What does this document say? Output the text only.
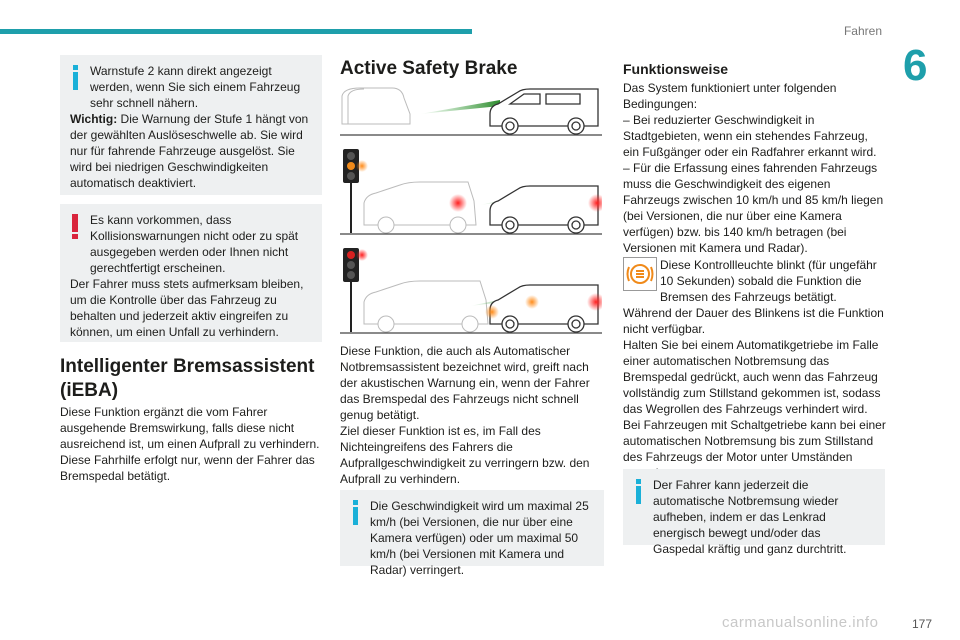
Fahren
6

Warnstufe 2 kann direkt angezeigt werden, wenn Sie sich einem Fahrzeug sehr schnell nähern.

Wichtig: Die Warnung der Stufe 1 hängt von der gewählten Auslöseschwelle ab. Sie wird nur für fahrende Fahrzeuge ausgelöst. Sie wird bei niedrigen Geschwindigkeiten automatisch deaktiviert.

Es kann vorkommen, dass Kollisionswarnungen nicht oder zu spät ausgegeben werden oder Ihnen nicht gerechtfertigt erscheinen.

Der Fahrer muss stets aufmerksam bleiben, um die Kontrolle über das Fahrzeug zu behalten und jederzeit aktiv eingreifen zu können, um einen Unfall zu verhindern.

Intelligenter Bremsassistent (iEBA)

Diese Funktion ergänzt die vom Fahrer ausgehende Bremswirkung, falls diese nicht ausreichend ist, um einen Aufprall zu verhindern.

Diese Fahrhilfe erfolgt nur, wenn der Fahrer das Bremspedal betätigt.

Active Safety Brake

Diese Funktion, die auch als Automatischer Notbremsassistent bezeichnet wird, greift nach der akustischen Warnung ein, wenn der Fahrer das Bremspedal des Fahrzeugs nicht schnell genug betätigt.

Ziel dieser Funktion ist es, im Fall des Nichteingreifens des Fahrers die Aufprallgeschwindigkeit zu verringern bzw. den Aufprall zu verhindern.

Die Geschwindigkeit wird um maximal 25 km/h (bei Versionen, die nur über eine Kamera verfügen) oder um maximal 50 km/h (bei Versionen mit Kamera und Radar) verringert.

Funktionsweise

Das System funktioniert unter folgenden Bedingungen:

– Bei reduzierter Geschwindigkeit in Stadtgebieten, wenn ein stehendes Fahrzeug, ein Fußgänger oder ein Radfahrer erkannt wird.

– Für die Erfassung eines fahrenden Fahrzeugs muss die Geschwindigkeit des eigenen Fahrzeugs zwischen 10 km/h und 85 km/h liegen (bei Versionen, die nur über eine Kamera verfügen) bzw. bis 140 km/h betragen (bei Versionen mit Kamera und Radar).

Diese Kontrollleuchte blinkt (für ungefähr 10 Sekunden) sobald die Funktion die Bremsen des Fahrzeugs betätigt.

Während der Dauer des Blinkens ist die Funktion nicht verfügbar.

Halten Sie bei einem Automatikgetriebe im Falle einer automatischen Notbremsung das Bremspedal gedrückt, auch wenn das Fahrzeug vollständig zum Stillstand gekommen ist, sodass das Wegrollen des Fahrzeugs verhindert wird.

Bei Fahrzeugen mit Schaltgetriebe kann bei einer automatischen Notbremsung bis zum Stillstand des Fahrzeugs der Motor unter Umständen

Der Fahrer kann jederzeit die automatische Notbremsung wieder aufheben, indem er das Lenkrad energisch bewegt und/oder das Gaspedal kräftig und ganz durchtritt.

carmanualsonline.info	177
